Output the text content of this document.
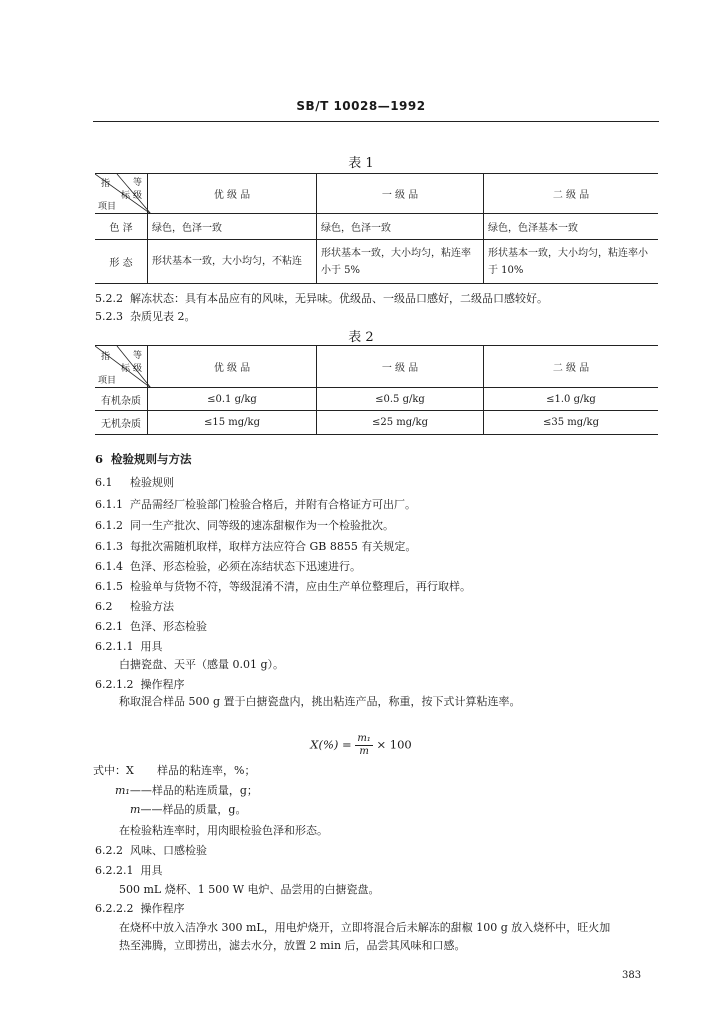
SB/T 10028—1992
表 1
等级
指
标
项目	优 级 品	一 级 品	二 级 品
色 泽	绿色，色泽一致	绿色，色泽一致	绿色，色泽基本一致
形 态	形状基本一致，大小均匀，不粘连	形状基本一致，大小均匀，粘连率小于 5%	形状基本一致，大小均匀，粘连率小于 10%
5.2.2 解冻状态：具有本品应有的风味，无异味。优级品、一级品口感好，二级品口感较好。
5.2.3 杂质见表 2。
表 2
等级
指
标
项目	优 级 品	一 级 品	二 级 品
有机杂质	≤0.1 g/kg	≤0.5 g/kg	≤1.0 g/kg
无机杂质	≤15 mg/kg	≤25 mg/kg	≤35 mg/kg
6 检验规则与方法
6.1 检验规则
6.1.1 产品需经厂检验部门检验合格后，并附有合格证方可出厂。
6.1.2 同一生产批次、同等级的速冻甜椒作为一个检验批次。
6.1.3 每批次需随机取样，取样方法应符合 GB 8855 有关规定。
6.1.4 色泽、形态检验，必须在冻结状态下迅速进行。
6.1.5 检验单与货物不符，等级混淆不清，应由生产单位整理后，再行取样。
6.2 检验方法
6.2.1 色泽、形态检验
6.2.1.1 用具
白搪瓷盘、天平（感量 0.01 g）。
6.2.1.2 操作程序
称取混合样品 500 g 置于白搪瓷盘内，挑出粘连产品，称重，按下式计算粘连率。
$X(\%) = \frac{\text{m₁}}{m} \times 100$
式中：X 样品的粘连率，%；
m₁——样品的粘连质量，g；
m——样品的质量，g。
在检验粘连率时，用肉眼检验色泽和形态。
6.2.2 风味、口感检验
6.2.2.1 用具
500 mL 烧杯、1 500 W 电炉、品尝用的白搪瓷盘。
6.2.2.2 操作程序
在烧杯中放入洁净水 300 mL，用电炉烧开，立即将混合后未解冻的甜椒 100 g 放入烧杯中，旺火加
热至沸腾，立即捞出，滤去水分，放置 2 min 后，品尝其风味和口感。
383
